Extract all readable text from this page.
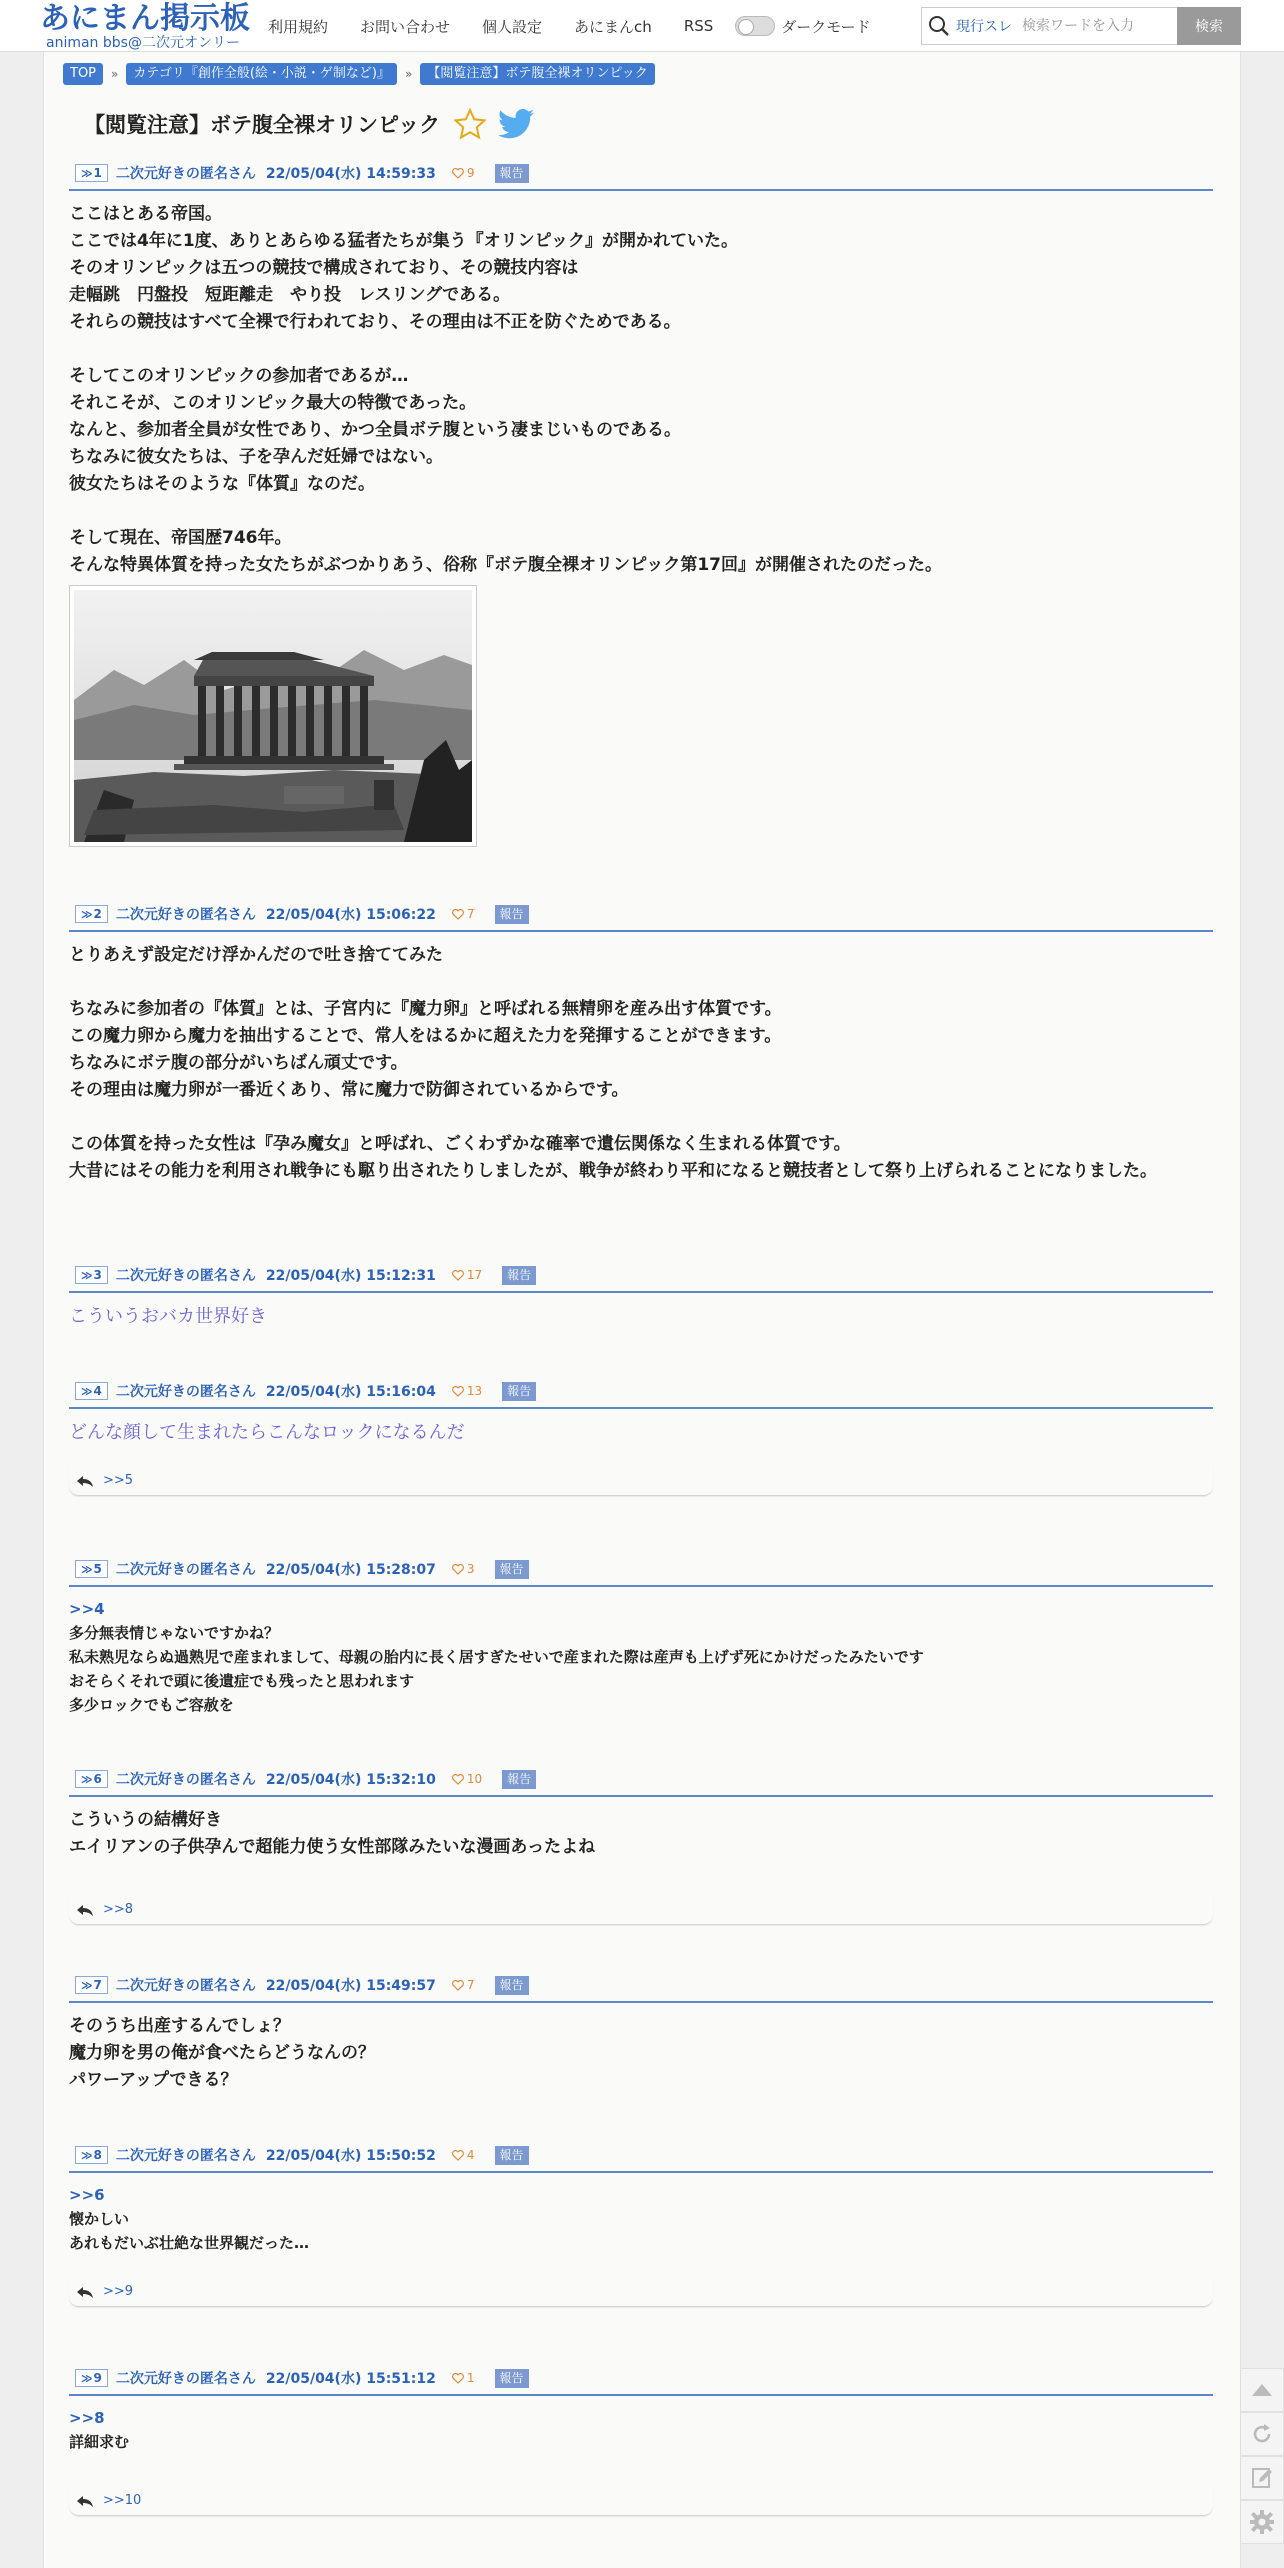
あにまん掲示板
animan bbs@二次元オンリー
利用規約 お問い合わせ 個人設定 あにまんch RSS	ダークモード	現行スレ
検索ワードを入力	検索
TOP	»	カテゴリ『創作全般(絵・小説・ゲ制など)』	»	【閲覧注意】ボテ腹全裸オリンピック
【閲覧注意】ボテ腹全裸オリンピック
≫ 1 二次元好きの匿名さん 22/05/04(水) 14:59:33	9	報告
ここはとある帝国。
ここでは4年に1度、ありとあらゆる猛者たちが集う『オリンピック』が開かれていた。
そのオリンピックは五つの競技で構成されており、その競技内容は
走幅跳　円盤投　短距離走　やり投　レスリングである。
それらの競技はすべて全裸で行われており、その理由は不正を防ぐためである。
そしてこのオリンピックの参加者であるが…
それこそが、このオリンピック最大の特徴であった。
なんと、参加者全員が女性であり、かつ全員ボテ腹という凄まじいものである。
ちなみに彼女たちは、子を孕んだ妊婦ではない。
彼女たちはそのような『体質』なのだ。
そして現在、帝国歴746年。
そんな特異体質を持った女たちがぶつかりあう、俗称『ボテ腹全裸オリンピック第17回』が開催されたのだった。
≫ 2 二次元好きの匿名さん 22/05/04(水) 15:06:22	7	報告
とりあえず設定だけ浮かんだので吐き捨ててみた
ちなみに参加者の『体質』とは、子宮内に『魔力卵』と呼ばれる無精卵を産み出す体質です。
この魔力卵から魔力を抽出することで、常人をはるかに超えた力を発揮することができます。
ちなみにボテ腹の部分がいちばん頑丈です。
その理由は魔力卵が一番近くあり、常に魔力で防御されているからです。
この体質を持った女性は『孕み魔女』と呼ばれ、ごくわずかな確率で遺伝関係なく生まれる体質です。
大昔にはその能力を利用され戦争にも駆り出されたりしましたが、戦争が終わり平和になると競技者として祭り上げられることになりました。
≫ 3 二次元好きの匿名さん 22/05/04(水) 15:12:31	17	報告
こういうおバカ世界好き
≫ 4 二次元好きの匿名さん 22/05/04(水) 15:16:04	13	報告
どんな顔して生まれたらこんなロックになるんだ
>>5
≫ 5 二次元好きの匿名さん 22/05/04(水) 15:28:07	3	報告
>>4
多分無表情じゃないですかね？
私未熟児ならぬ過熟児で産まれまして、母親の胎内に長く居すぎたせいで産まれた際は産声も上げず死にかけだったみたいです
おそらくそれで頭に後遺症でも残ったと思われます
多少ロックでもご容赦を
≫ 6 二次元好きの匿名さん 22/05/04(水) 15:32:10	10	報告
こういうの結構好き
エイリアンの子供孕んで超能力使う女性部隊みたいな漫画あったよね
>>8
≫ 7 二次元好きの匿名さん 22/05/04(水) 15:49:57	7	報告
そのうち出産するんでしょ？
魔力卵を男の俺が食べたらどうなんの？
パワーアップできる？
≫ 8 二次元好きの匿名さん 22/05/04(水) 15:50:52	4	報告
>>6
懐かしい
あれもだいぶ壮絶な世界観だった…
>>9
≫ 9 二次元好きの匿名さん 22/05/04(水) 15:51:12	1	報告
>>8
詳細求む
>>10
